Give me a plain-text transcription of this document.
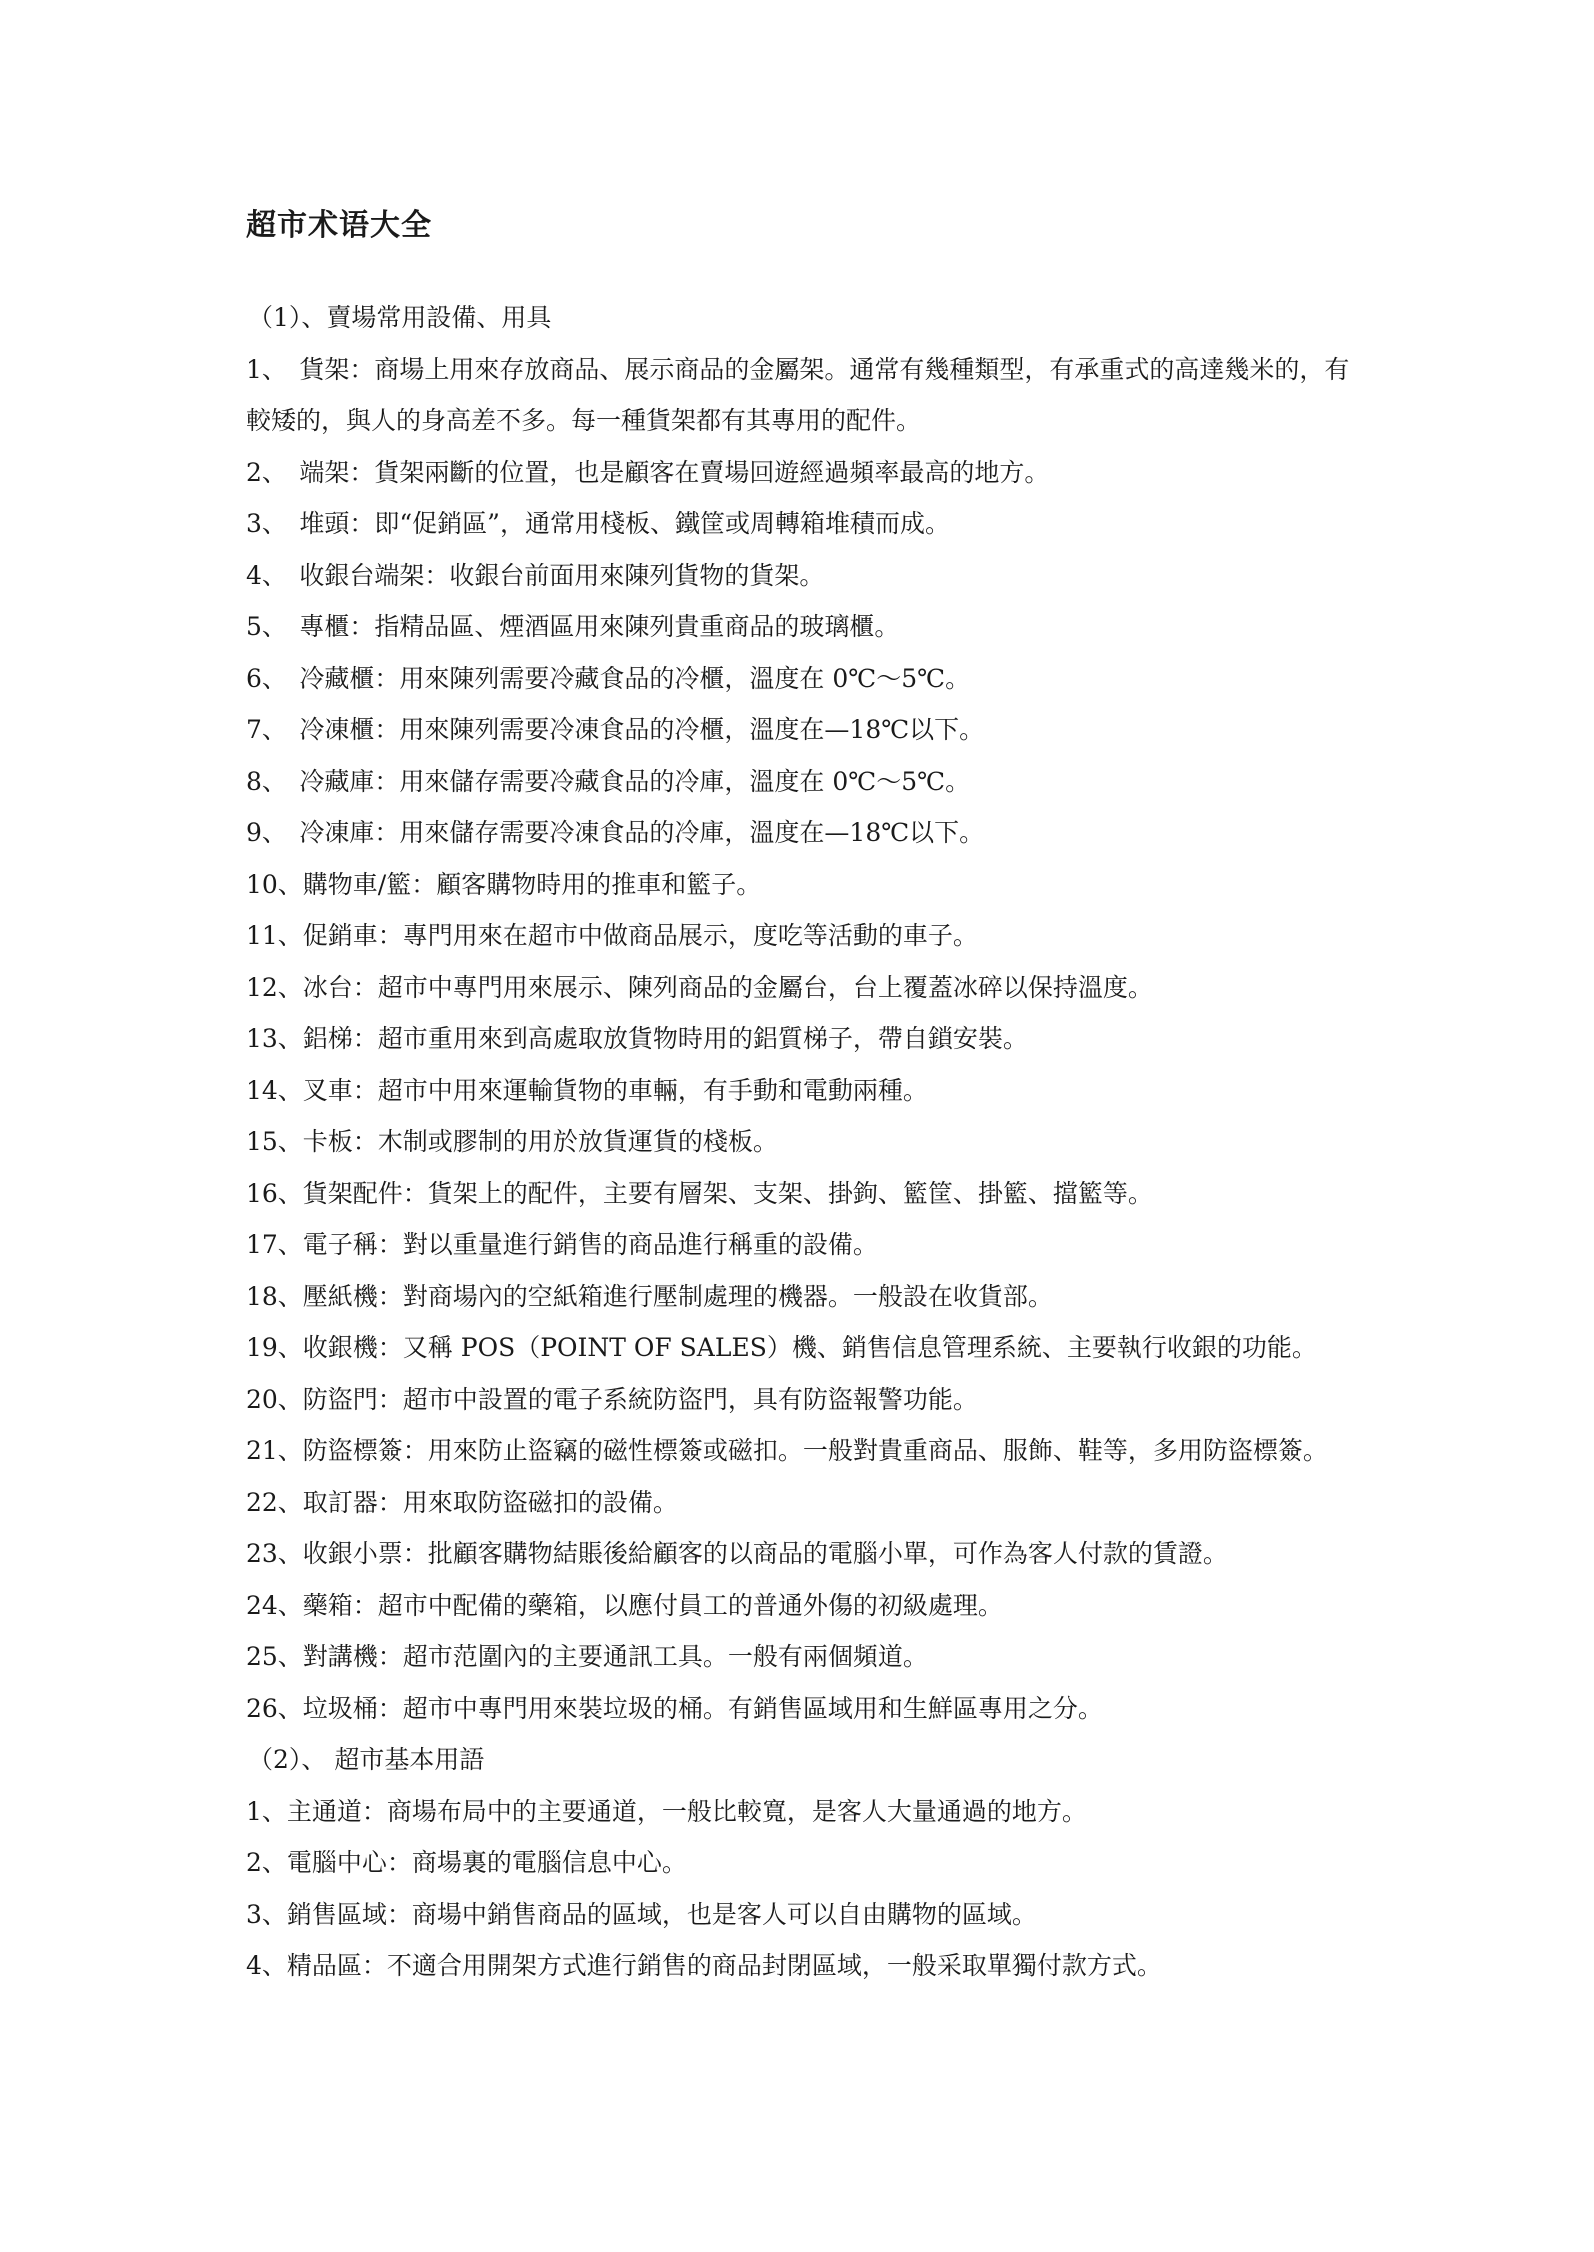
超市术语大全

（1）、賣場常用設備、用具

1、　貨架：商場上用來存放商品、展示商品的金屬架。通常有幾種類型，有承重式的高達幾米的，有較矮的，與人的身高差不多。每一種貨架都有其專用的配件。

2、　端架：貨架兩斷的位置，也是顧客在賣場回遊經過頻率最高的地方。

3、　堆頭：即“促銷區”，通常用棧板、鐵筐或周轉箱堆積而成。

4、　收銀台端架：收銀台前面用來陳列貨物的貨架。

5、　專櫃：指精品區、煙酒區用來陳列貴重商品的玻璃櫃。

6、　冷藏櫃：用來陳列需要冷藏食品的冷櫃，溫度在 0℃～5℃。

7、　冷凍櫃：用來陳列需要冷凍食品的冷櫃，溫度在—18℃以下。

8、　冷藏庫：用來儲存需要冷藏食品的冷庫，溫度在 0℃～5℃。

9、　冷凍庫：用來儲存需要冷凍食品的冷庫，溫度在—18℃以下。

10、購物車/籃：顧客購物時用的推車和籃子。

11、促銷車：專門用來在超市中做商品展示，度吃等活動的車子。

12、冰台：超市中專門用來展示、陳列商品的金屬台，台上覆蓋冰碎以保持溫度。

13、鋁梯：超市重用來到高處取放貨物時用的鋁質梯子，帶自鎖安裝。

14、叉車：超市中用來運輸貨物的車輛，有手動和電動兩種。

15、卡板：木制或膠制的用於放貨運貨的棧板。

16、貨架配件：貨架上的配件，主要有層架、支架、掛鉤、籃筐、掛籃、擋籃等。

17、電子稱：對以重量進行銷售的商品進行稱重的設備。

18、壓紙機：對商場內的空紙箱進行壓制處理的機器。一般設在收貨部。

19、收銀機：又稱 POS（POINT OF SALES）機、銷售信息管理系統、主要執行收銀的功能。

20、防盜門：超市中設置的電子系統防盜門，具有防盜報警功能。

21、防盜標簽：用來防止盜竊的磁性標簽或磁扣。一般對貴重商品、服飾、鞋等，多用防盜標簽。

22、取訂器：用來取防盜磁扣的設備。

23、收銀小票：批顧客購物結賬後給顧客的以商品的電腦小單，可作為客人付款的賃證。

24、藥箱：超市中配備的藥箱，以應付員工的普通外傷的初級處理。

25、對講機：超市范圍內的主要通訊工具。一般有兩個頻道。

26、垃圾桶：超市中專門用來裝垃圾的桶。有銷售區域用和生鮮區專用之分。

（2）、 超市基本用語

1、主通道：商場布局中的主要通道，一般比較寬，是客人大量通過的地方。

2、電腦中心：商場裏的電腦信息中心。

3、銷售區域：商場中銷售商品的區域，也是客人可以自由購物的區域。

4、精品區：不適合用開架方式進行銷售的商品封閉區域，一般采取單獨付款方式。
